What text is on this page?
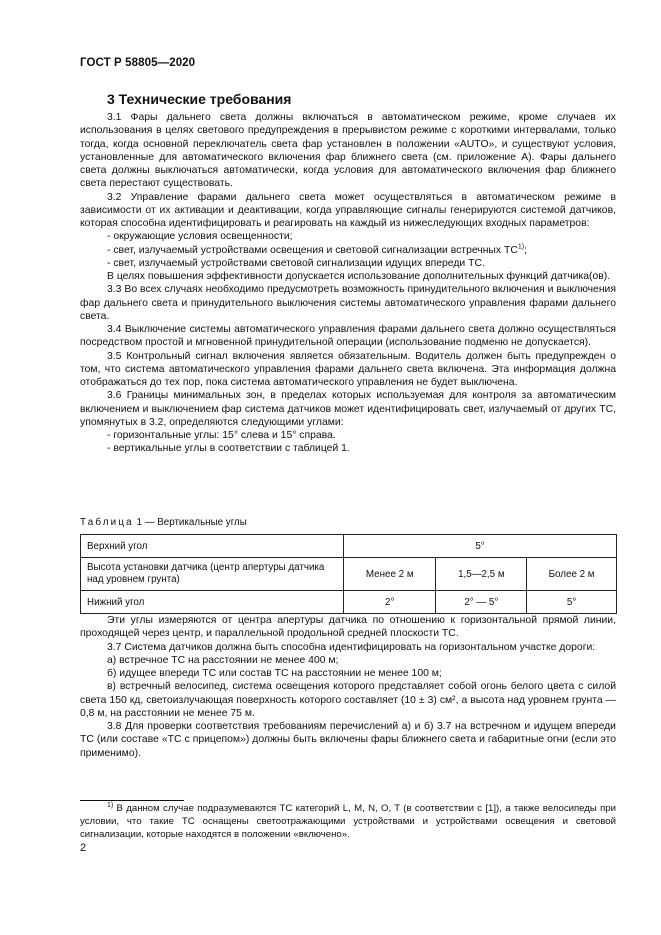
ГОСТ Р 58805—2020
3 Технические требования

3.1 Фары дальнего света должны включаться в автоматическом режиме, кроме случаев их использования в целях светового предупреждения в прерывистом режиме с короткими интервалами, только тогда, когда основной переключатель света фар установлен в положении «AUTO», и существуют условия, установленные для автоматического включения фар ближнего света (см. приложение А). Фары дальнего света должны выключаться автоматически, когда условия для автоматического включения фар ближнего света перестают существовать.

3.2 Управление фарами дальнего света может осуществляться в автоматическом режиме в зависимости от их активации и деактивации, когда управляющие сигналы генерируются системой датчиков, которая способна идентифицировать и реагировать на каждый из нижеследующих входных параметров:

- окружающие условия освещенности;

- свет, излучаемый устройствами освещения и световой сигнализации встречных ТС$^{1)}$;

- свет, излучаемый устройствами световой сигнализации идущих впереди ТС.

В целях повышения эффективности допускается использование дополнительных функций датчика(ов).

3.3 Во всех случаях необходимо предусмотреть возможность принудительного включения и выключения фар дальнего света и принудительного выключения системы автоматического управления фарами дальнего света.

3.4 Выключение системы автоматического управления фарами дальнего света должно осуществляться посредством простой и мгновенной принудительной операции (использование подменю не допускается).

3.5 Контрольный сигнал включения является обязательным. Водитель должен быть предупрежден о том, что система автоматического управления фарами дальнего света включена. Эта информация должна отображаться до тех пор, пока система автоматического управления не будет выключена.

3.6 Границы минимальных зон, в пределах которых используемая для контроля за автоматическим включением и выключением фар система датчиков может идентифицировать свет, излучаемый от других ТС, упомянутых в 3.2, определяются следующими углами:

- горизонтальные углы: 15° слева и 15° справа.

- вертикальные углы в соответствии с таблицей 1.

Таблица 1 — Вертикальные углы
Верхний угол	5°		
Высота установки датчика (центр апертуры датчика над уровнем грунта)	Менее 2 м	1,5—2,5 м	Более 2 м
Нижний угол	2°	2° — 5°	5°

Эти углы измеряются от центра апертуры датчика по отношению к горизонтальной прямой линии, проходящей через центр, и параллельной продольной средней плоскости ТС.

3.7 Система датчиков должна быть способна идентифицировать на горизонтальном участке дороги:

а) встречное ТС на расстоянии не менее 400 м;

б) идущее впереди ТС или состав ТС на расстоянии не менее 100 м;

в) встречный велосипед, система освещения которого представляет собой огонь белого цвета с силой света 150 кд, светоизлучающая поверхность которого составляет (10 ± 3) см², а высота над уровнем грунта — 0,8 м, на расстоянии не менее 75 м.

3.8 Для проверки соответствия требованиям перечислений а) и б) 3.7 на встречном и идущем впереди ТС (или составе «ТС с прицепом») должны быть включены фары ближнего света и габаритные огни (если это применимо).

$^{1)}$ В данном случае подразумеваются ТС категорий L, M, N, O, T (в соответствии с [1]), а также велосипеды при условии, что такие ТС оснащены светоотражающими устройствами и устройствами освещения и световой сигнализации, которые находятся в положении «включено».
2
